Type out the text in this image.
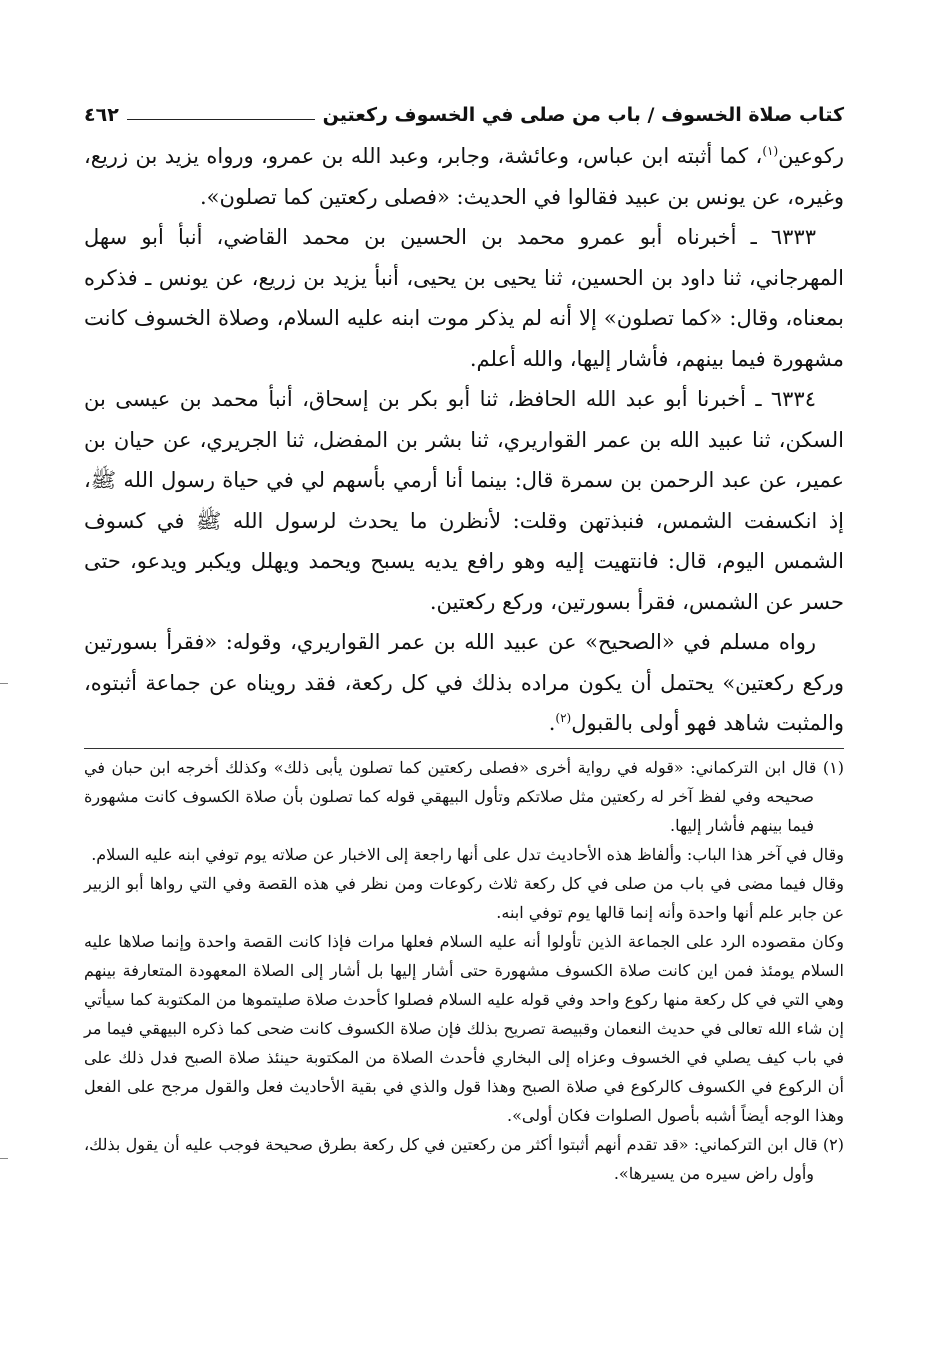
كتاب صلاة الخسوف / باب من صلى في الخسوف ركعتين
٤٦٢

ركوعين$^{(١)}$، كما أثبته ابن عباس، وعائشة، وجابر، وعبد الله بن عمرو، ورواه يزيد بن زريع، وغيره، عن يونس بن عبيد فقالوا في الحديث: «فصلى ركعتين كما تصلون».

٦٣٣٣ ـ أخبرناه أبو عمرو محمد بن الحسين بن محمد القاضي، أنبأ أبو سهل المهرجاني، ثنا داود بن الحسين، ثنا يحيى بن يحيى، أنبأ يزيد بن زريع، عن يونس ـ فذكره بمعناه، وقال: «كما تصلون» إلا أنه لم يذكر موت ابنه عليه السلام، وصلاة الخسوف كانت مشهورة فيما بينهم، فأشار إليها، والله أعلم.

٦٣٣٤ ـ أخبرنا أبو عبد الله الحافظ، ثنا أبو بكر بن إسحاق، أنبأ محمد بن عيسى بن السكن، ثنا عبيد الله بن عمر القواريري، ثنا بشر بن المفضل، ثنا الجريري، عن حيان بن عمير، عن عبد الرحمن بن سمرة قال: بينما أنا أرمي بأسهم لي في حياة رسول الله ﷺ، إذ انكسفت الشمس، فنبذتهن وقلت: لأنظرن ما يحدث لرسول الله ﷺ في كسوف الشمس اليوم، قال: فانتهيت إليه وهو رافع يديه يسبح ويحمد ويهلل ويكبر ويدعو، حتى حسر عن الشمس، فقرأ بسورتين، وركع ركعتين.

رواه مسلم في «الصحيح» عن عبيد الله بن عمر القواريري، وقوله: «فقرأ بسورتين وركع ركعتين» يحتمل أن يكون مراده بذلك في كل ركعة، فقد رويناه عن جماعة أثبتوه، والمثبت شاهد فهو أولى بالقبول$^{(٢)}$.

(١) قال ابن التركماني: «قوله في رواية أخرى «فصلى ركعتين كما تصلون يأبى ذلك» وكذلك أخرجه ابن حبان في صحيحه وفي لفظ آخر له ركعتين مثل صلاتكم وتأول البيهقي قوله كما تصلون بأن صلاة الكسوف كانت مشهورة فيما بينهم فأشار إليها.

وقال في آخر هذا الباب: وألفاظ هذه الأحاديث تدل على أنها راجعة إلى الاخبار عن صلاته يوم توفي ابنه عليه السلام.

وقال فيما مضى في باب من صلى في كل ركعة ثلاث ركوعات ومن نظر في هذه القصة وفي التي رواها أبو الزبير عن جابر علم أنها واحدة وأنه إنما قالها يوم توفي ابنه.

وكان مقصوده الرد على الجماعة الذين تأولوا أنه عليه السلام فعلها مرات فإذا كانت القصة واحدة وإنما صلاها عليه السلام يومئذ فمن اين كانت صلاة الكسوف مشهورة حتى أشار إليها بل أشار إلى الصلاة المعهودة المتعارفة بينهم وهي التي في كل ركعة منها ركوع واحد وفي قوله عليه السلام فصلوا كأحدث صلاة صليتموها من المكتوبة كما سيأتي إن شاء الله تعالى في حديث النعمان وقبيصة تصريح بذلك فإن صلاة الكسوف كانت ضحى كما ذكره البيهقي فيما مر في باب كيف يصلي في الخسوف وعزاه إلى البخاري فأحدث الصلاة من المكتوبة حينئذ صلاة الصبح فدل ذلك على أن الركوع في الكسوف كالركوع في صلاة الصبح وهذا قول والذي في بقية الأحاديث فعل والقول مرجح على الفعل وهذا الوجه أيضاً أشبه بأصول الصلوات فكان أولى».

(٢) قال ابن التركماني: «قد تقدم أنهم أثبتوا أكثر من ركعتين في كل ركعة بطرق صحيحة فوجب عليه أن يقول بذلك، وأول راض سيره من يسيرها».
